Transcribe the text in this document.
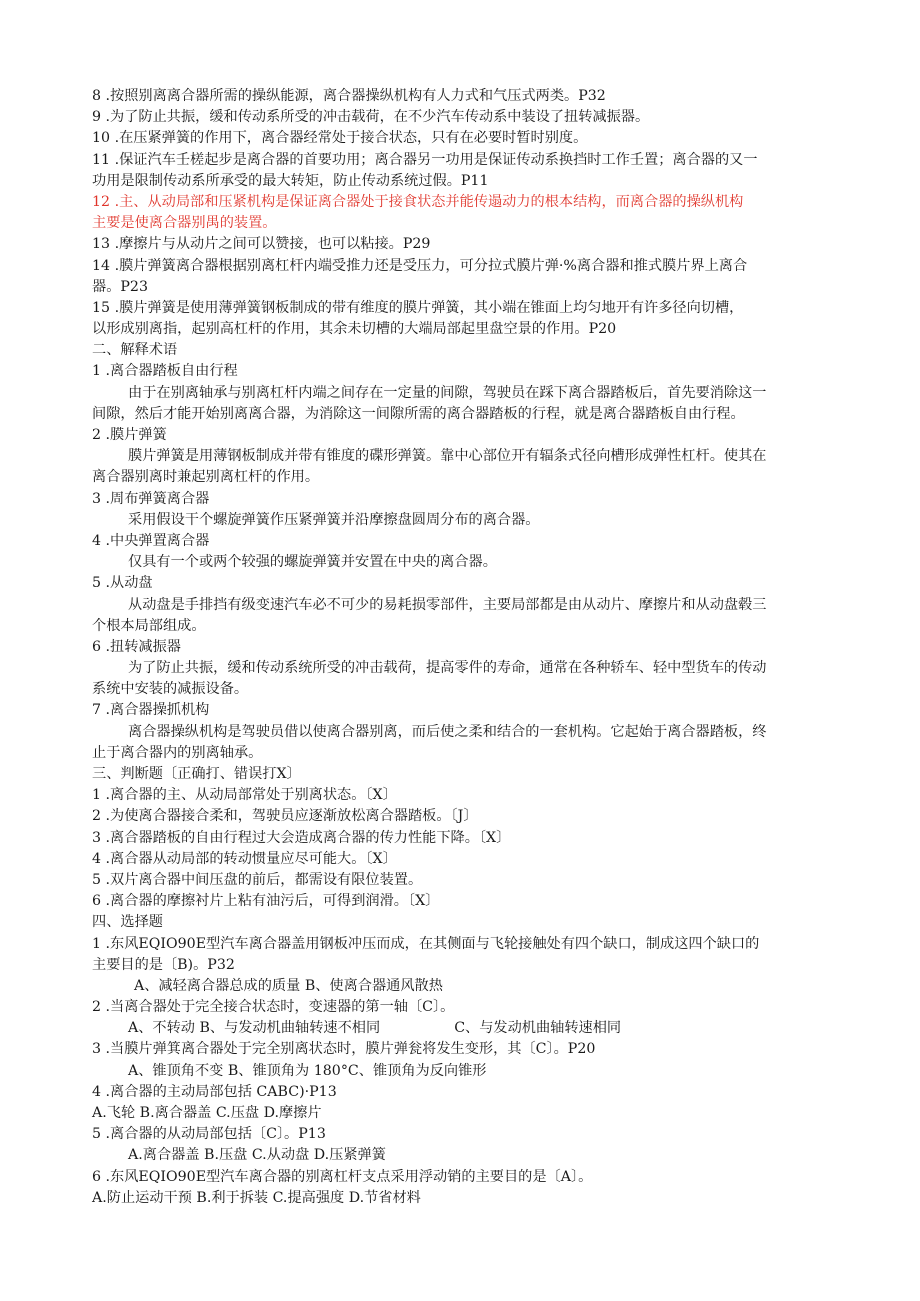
8 .按照别离离合器所需的操纵能源，离合器操纵机构有人力式和气压式两类。P32
9 .为了防止共振，缓和传动系所受的冲击载荷，在不少汽车传动系中装设了扭转减振器。
10 .在压紧弹簧的作用下，离合器经常处于接合状态，只有在必要时暂时别度。
11 .保证汽车壬槎起步是离合器的首要功用；离合器另一功用是保证传动系换挡时工作壬置；离合器的又一
功用是限制传动系所承受的最大转矩，防止传动系统过假。P11
12 .主、从动局部和压紧机构是保证离合器处于接食状态并能传遢动力的根本结构，而离合器的操纵机构
主要是使离合器别禺的装置。
13 .摩擦片与从动片之间可以赞接，也可以粘接。P29
14 .膜片弹簧离合器根据别离杠杆内端受推力还是受压力，可分拉式膜片弹·%离合器和推式膜片界上离合
器。P23
15 .膜片弹簧是使用薄弹簧钢板制成的带有维度的膜片弹簧，其小端在锥面上均匀地开有许多径向切槽，
以形成别离指，起别高杠杆的作用，其余未切槽的大端局部起里盘空景的作用。P20
二、解释术语
1 .离合器踏板自由行程
由于在别离轴承与别离杠杆内端之间存在一定量的间隙，驾驶员在踩下离合器踏板后，首先要消除这一
间隙，然后才能开始别离离合器，为消除这一间隙所需的离合器踏板的行程，就是离合器踏板自由行程。
2 .膜片弹簧
膜片弹簧是用薄钢板制成并带有锥度的碟形弹簧。靠中心部位开有辐条式径向槽形成弹性杠杆。使其在
离合器别离时兼起别离杠杆的作用。
3 .周布弹簧离合器
采用假设干个螺旋弹簧作压紧弹簧并沿摩擦盘圆周分布的离合器。
4 .中央弹置离合器
仅具有一个或两个较强的螺旋弹簧并安置在中央的离合器。
5 .从动盘
从动盘是手排挡有级变速汽车必不可少的易耗损零部件，主要局部都是由从动片、摩擦片和从动盘毂三
个根本局部组成。
6 .扭转减振器
为了防止共振，缓和传动系统所受的冲击载荷，提高零件的寿命，通常在各种轿车、轻中型货车的传动
系统中安装的减振设备。
7 .离合器操抓机构
离合器操纵机构是驾驶员借以使离合器别离，而后使之柔和结合的一套机构。它起始于离合器踏板，终
止于离合器内的别离轴承。
三、判断题〔正确打、错误打X〕
1 .离合器的主、从动局部常处于别离状态。〔X〕
2 .为使离合器接合柔和，驾驶员应逐渐放松离合器踏板。〔J〕
3 .离合器踏板的自由行程过大会造成离合器的传力性能下降。〔X〕
4 .离合器从动局部的转动惯量应尽可能大。〔X〕
5 .双片离合器中间压盘的前后，都需设有限位装置。
6 .离合器的摩擦衬片上粘有油污后，可得到润滑。〔X〕
四、选择题
1 .东风EQIO90E型汽车离合器盖用钢板冲压而成，在其侧面与飞轮接触处有四个缺口，制成这四个缺口的
主要目的是〔B)。P32
A、减轻离合器总成的质量 B、使离合器通风散热
2 .当离合器处于完全接合状态时，变速器的第一轴〔C〕。
A、不转动 B、与发动机曲轴转速不相同	C、与发动机曲轴转速相同
3 .当膜片弹箕离合器处于完全别离状态时，膜片弹瓮将发生变形，其〔C〕。P20
A、锥顶角不变 B、锥顶角为 180°C、锥顶角为反向锥形
4 .离合器的主动局部包括 CABC)·P13
A.飞轮 B.离合器盖 C.压盘 D.摩擦片
5 .离合器的从动局部包括〔C〕。P13
A.离合器盖 B.压盘 C.从动盘 D.压紧弹簧
6 .东风EQIO90E型汽车离合器的别离杠杆支点采用浮动销的主要目的是〔A〕。
A.防止运动干预 B.利于拆装 C.提高强度 D.节省材料
